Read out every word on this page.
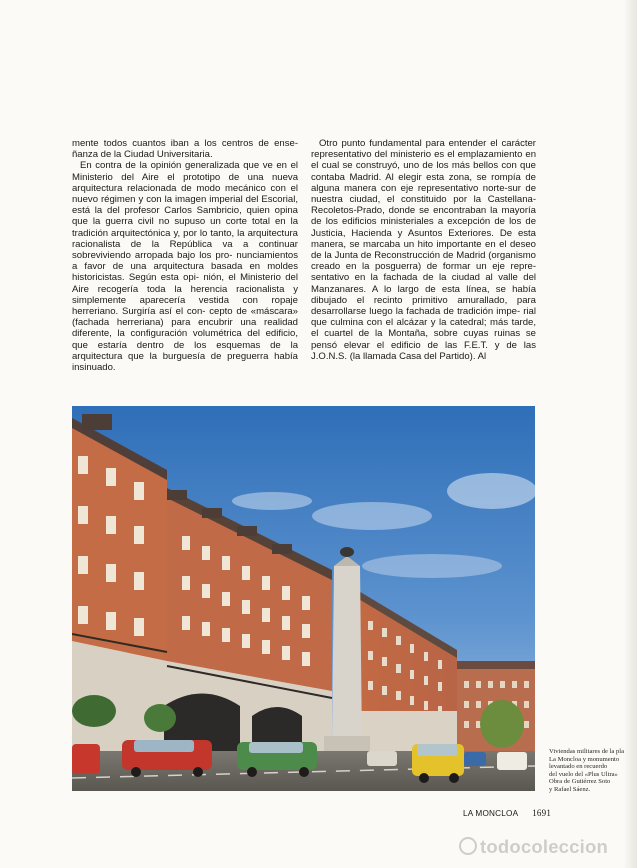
mente todos cuantos iban a los centros de ense- ñanza de la Ciudad Universitaria.

En contra de la opinión generalizada que ve en el Ministerio del Aire el prototipo de una nueva arquitectura relacionada de modo mecánico con el nuevo régimen y con la imagen imperial del Escorial, está la del profesor Carlos Sambricio, quien opina que la guerra civil no supuso un corte total en la tradición arquitectónica y, por lo tanto, la arquitectura racionalista de la República va a continuar sobreviviendo arropada bajo los pro- nunciamientos a favor de una arquitectura basada en moldes historicistas. Según esta opi- nión, el Ministerio del Aire recogería toda la herencia racionalista y simplemente aparecería vestida con ropaje herreriano. Surgiría así el con- cepto de «máscara» (fachada herreriana) para encubrir una realidad diferente, la configuración volumétrica del edificio, que estaría dentro de los esquemas de la arquitectura que la burguesía de preguerra había insinuado.

Otro punto fundamental para entender el carácter representativo del ministerio es el emplazamiento en el cual se construyó, uno de los más bellos con que contaba Madrid. Al elegir esta zona, se rompía de alguna manera con eje representativo norte-sur de nuestra ciudad, el constituido por la Castellana-Recoletos-Prado, donde se encontraban la mayoría de los edificios ministeriales a excepción de los de Justicia, Hacienda y Asuntos Exteriores. De esta manera, se marcaba un hito importante en el deseo de la Junta de Reconstrucción de Madrid (organismo creado en la posguerra) de formar un eje repre- sentativo en la fachada de la ciudad al valle del Manzanares. A lo largo de esta línea, se había dibujado el recinto primitivo amurallado, para desarrollarse luego la fachada de tradición impe- rial que culmina con el alcázar y la catedral; más tarde, el cuartel de la Montaña, sobre cuyas ruinas se pensó elevar el edificio de las F.E.T. y de las J.O.N.S. (la llamada Casa del Partido). Al

Viviendas militares de la pla
La Moncloa y monumento
levantado en recuerdo
del vuelo del «Plus Ultra»
Obra de Gutiérrez Soto
y Rafael Sáenz.
LA MONCLOA 1691
todocoleccion
